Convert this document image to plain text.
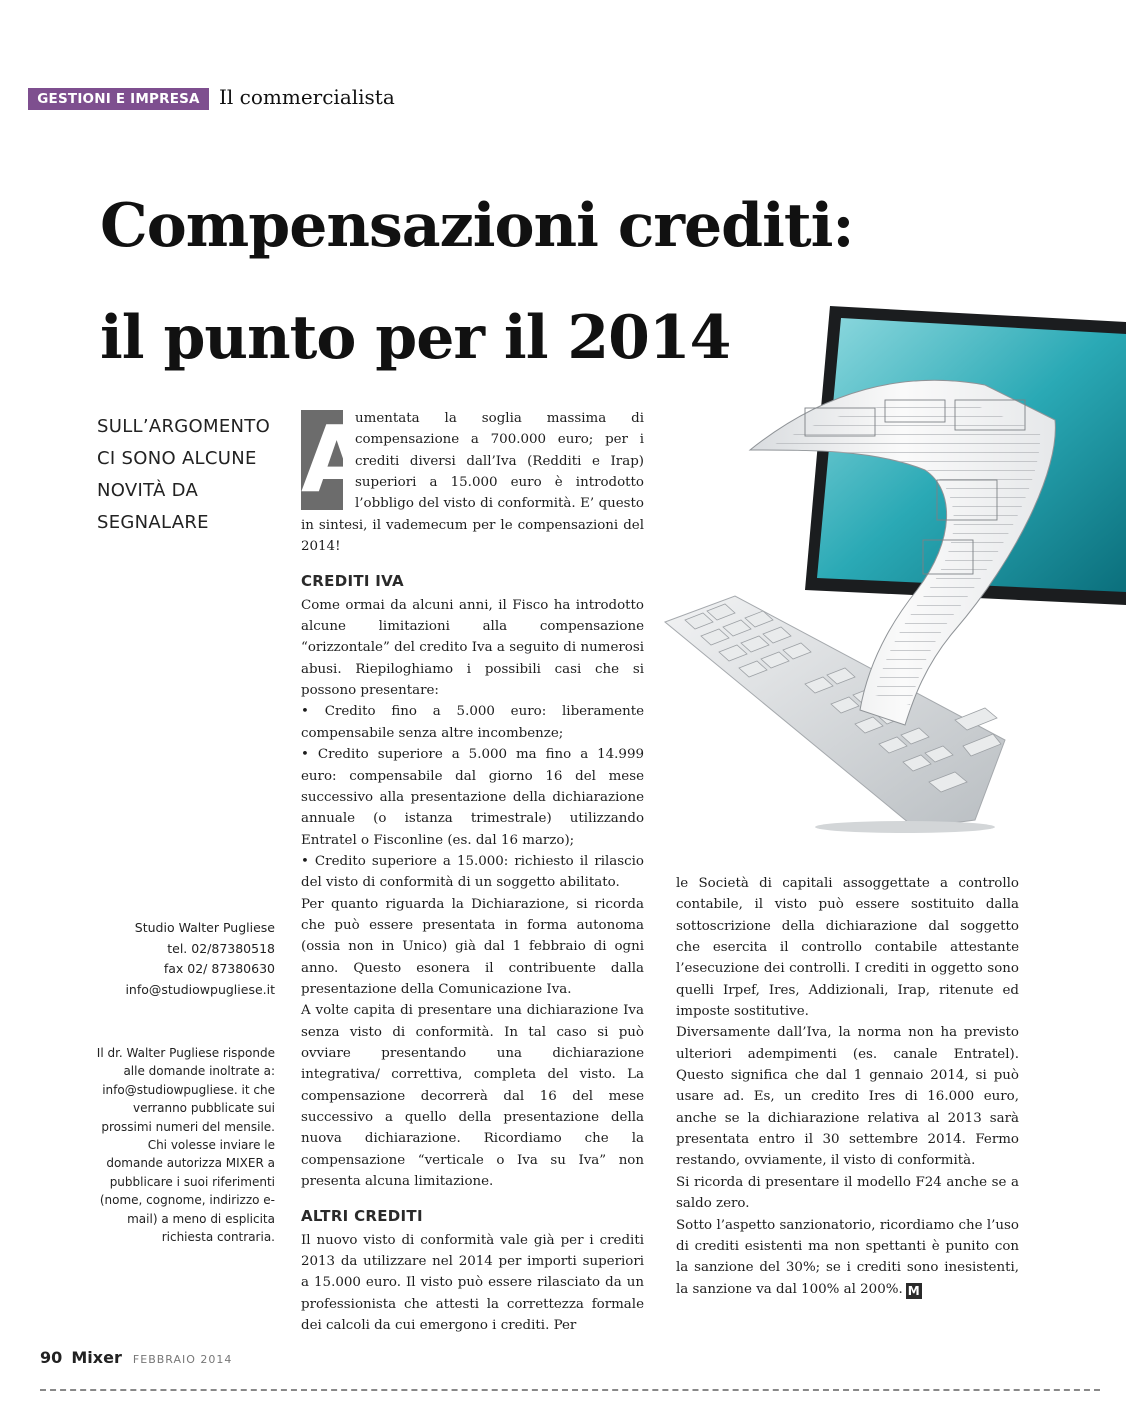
GESTIONI E IMPRESA Il commercialista
Compensazioni crediti:
il punto per il 2014
SULL’ARGOMENTO
CI SONO ALCUNE
NOVITÀ DA
SEGNALARE
Studio Walter Pugliese
tel. 02/87380518
fax 02/ 87380630
info@studiowpugliese.it
Il dr. Walter Pugliese risponde alle domande inoltrate a: info@studiowpugliese. it che verranno pubblicate sui prossimi numeri del mensile. Chi volesse inviare le domande autorizza MIXER a pubblicare i suoi riferimenti (nome, cognome, indirizzo e-mail) a meno di esplicita richiesta contraria.

A
umentata la soglia massima di compensazione a 700.000 euro; per i crediti diversi dall’Iva (Redditi e Irap) superiori a 15.000 euro è introdotto l’obbligo del visto di conformità. E’ questo in sintesi, il vademecum per le compensazioni del 2014!

CREDITI IVA

Come ormai da alcuni anni, il Fisco ha introdotto alcune limitazioni alla compensazione “orizzontale” del credito Iva a seguito di numerosi abusi. Riepiloghiamo i possibili casi che si possono presentare:

• Credito fino a 5.000 euro: liberamente compensabile senza altre incombenze;

• Credito superiore a 5.000 ma fino a 14.999 euro: compensabile dal giorno 16 del mese successivo alla presentazione della dichiarazione annuale (o istanza trimestrale) utilizzando Entratel o Fisconline (es. dal 16 marzo);

• Credito superiore a 15.000: richiesto il rilascio del visto di conformità di un soggetto abilitato.

Per quanto riguarda la Dichiarazione, si ricorda che può essere presentata in forma autonoma (ossia non in Unico) già dal 1 febbraio di ogni anno. Questo esonera il contribuente dalla presentazione della Comunicazione Iva.

A volte capita di presentare una dichiarazione Iva senza visto di conformità. In tal caso si può ovviare presentando una dichiarazione integrativa/ correttiva, completa del visto. La compensazione decorrerà dal 16 del mese successivo a quello della presentazione della nuova dichiarazione. Ricordiamo che la compensazione “verticale o Iva su Iva” non presenta alcuna limitazione.

ALTRI CREDITI

Il nuovo visto di conformità vale già per i crediti 2013 da utilizzare nel 2014 per importi superiori a 15.000 euro. Il visto può essere rilasciato da un professionista che attesti la correttezza formale dei calcoli da cui emergono i crediti. Per

le Società di capitali assoggettate a controllo contabile, il visto può essere sostituito dalla sottoscrizione della dichiarazione dal soggetto che esercita il controllo contabile attestante l’esecuzione dei controlli. I crediti in oggetto sono quelli Irpef, Ires, Addizionali, Irap, ritenute ed imposte sostitutive.

Diversamente dall’Iva, la norma non ha previsto ulteriori adempimenti (es. canale Entratel). Questo significa che dal 1 gennaio 2014, si può usare ad. Es, un credito Ires di 16.000 euro, anche se la dichiarazione relativa al 2013 sarà presentata entro il 30 settembre 2014. Fermo restando, ovviamente, il visto di conformità.

Si ricorda di presentare il modello F24 anche se a saldo zero.

Sotto l’aspetto sanzionatorio, ricordiamo che l’uso di crediti esistenti ma non spettanti è punito con la sanzione del 30%; se i crediti sono inesistenti, la sanzione va dal 100% al 200%. M

90 Mixer FEBBRAIO 2014
